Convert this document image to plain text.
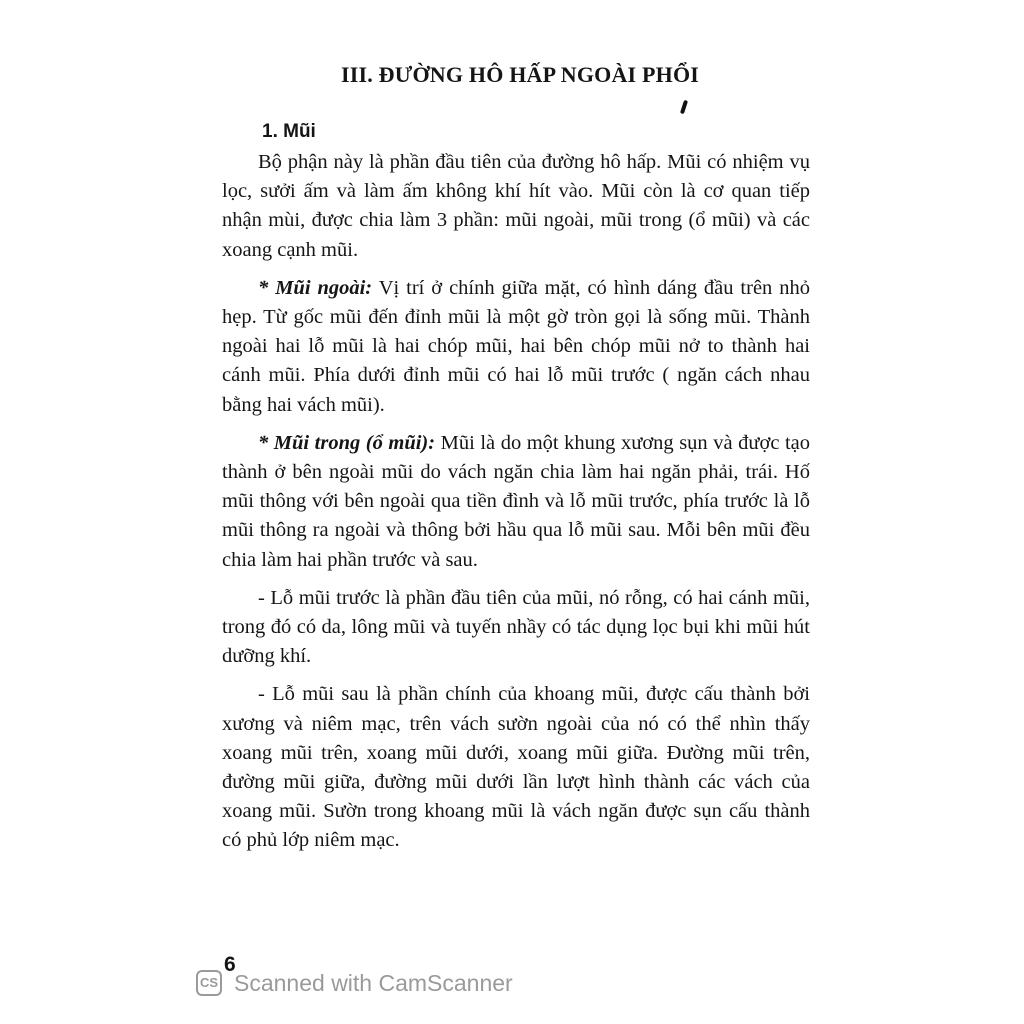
III. ĐƯỜNG HÔ HẤP NGOÀI PHỔI
1. Mũi

Bộ phận này là phần đầu tiên của đường hô hấp. Mũi có nhiệm vụ lọc, sưởi ấm và làm ấm không khí hít vào. Mũi còn là cơ quan tiếp nhận mùi, được chia làm 3 phần: mũi ngoài, mũi trong (ổ mũi) và các xoang cạnh mũi.

* Mũi ngoài: Vị trí ở chính giữa mặt, có hình dáng đầu trên nhỏ hẹp. Từ gốc mũi đến đỉnh mũi là một gờ tròn gọi là sống mũi. Thành ngoài hai lỗ mũi là hai chóp mũi, hai bên chóp mũi nở to thành hai cánh mũi. Phía dưới đỉnh mũi có hai lỗ mũi trước ( ngăn cách nhau bằng hai vách mũi).

* Mũi trong (ổ mũi): Mũi là do một khung xương sụn và được tạo thành ở bên ngoài mũi do vách ngăn chia làm hai ngăn phải, trái. Hố mũi thông với bên ngoài qua tiền đình và lỗ mũi trước, phía trước là lỗ mũi thông ra ngoài và thông bởi hầu qua lỗ mũi sau. Mỗi bên mũi đều chia làm hai phần trước và sau.

- Lỗ mũi trước là phần đầu tiên của mũi, nó rỗng, có hai cánh mũi, trong đó có da, lông mũi và tuyến nhầy có tác dụng lọc bụi khi mũi hút dưỡng khí.

- Lỗ mũi sau là phần chính của khoang mũi, được cấu thành bởi xương và niêm mạc, trên vách sườn ngoài của nó có thể nhìn thấy xoang mũi trên, xoang mũi dưới, xoang mũi giữa. Đường mũi trên, đường mũi giữa, đường mũi dưới lần lượt hình thành các vách của xoang mũi. Sườn trong khoang mũi là vách ngăn được sụn cấu thành có phủ lớp niêm mạc.

6
CS Scanned with CamScanner
